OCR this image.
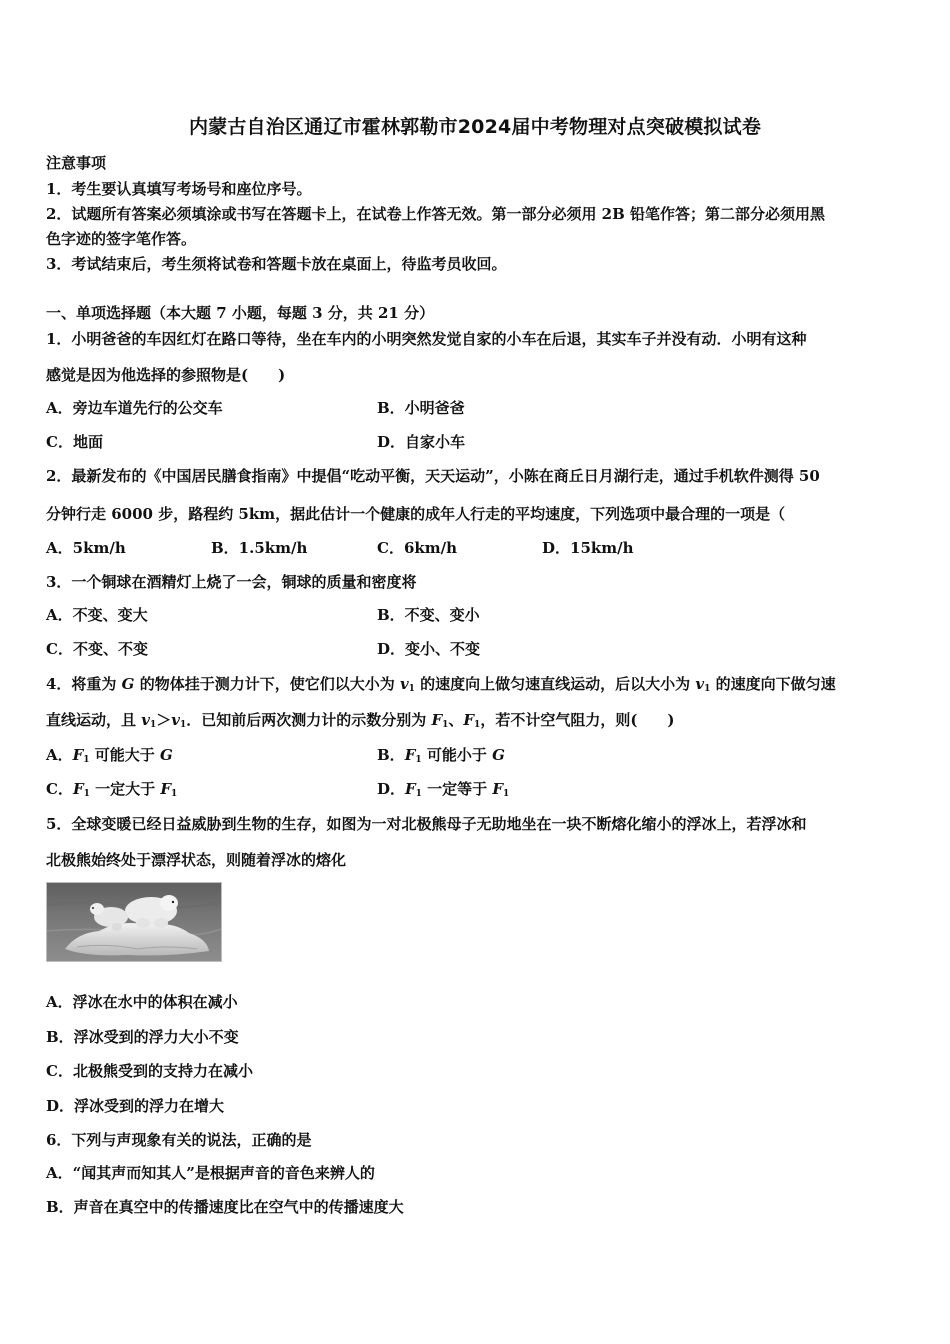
内蒙古自治区通辽市霍林郭勒市2024届中考物理对点突破模拟试卷
注意事项
1．考生要认真填写考场号和座位序号。
2．试题所有答案必须填涂或书写在答题卡上，在试卷上作答无效。第一部分必须用 2B 铅笔作答；第二部分必须用黑
色字迹的签字笔作答。
3．考试结束后，考生须将试卷和答题卡放在桌面上，待监考员收回。
一、单项选择题（本大题 7 小题，每题 3 分，共 21 分）
1．小明爸爸的车因红灯在路口等待，坐在车内的小明突然发觉自家的小车在后退，其实车子并没有动．小明有这种
感觉是因为他选择的参照物是(　　)
A．旁边车道先行的公交车	B．小明爸爸
C．地面	D．自家小车
2．最新发布的《中国居民膳食指南》中提倡“吃动平衡，天天运动”，小陈在商丘日月湖行走，通过手机软件测得 50
分钟行走 6000 步，路程约 5km，据此估计一个健康的成年人行走的平均速度，下列选项中最合理的一项是（
A．5km/h	B．1.5km/h	C．6km/h	D．15km/h
3．一个铜球在酒精灯上烧了一会，铜球的质量和密度将
A．不变、变大	B．不变、变小
C．不变、不变	D．变小、不变
4．将重为 G 的物体挂于测力计下，使它们以大小为 $v_1$ 的速度向上做匀速直线运动，后以大小为 $v_1$ 的速度向下做匀速
直线运动，且 $v_1>v_1$．已知前后两次测力计的示数分别为 $F_1$、$F_1$，若不计空气阻力，则(　　)
A．$F_1$ 可能大于 G	B．$F_1$ 可能小于 G
C．$F_1$ 一定大于 $F_1$	D．$F_1$ 一定等于 $F_1$
5．全球变暖已经日益威胁到生物的生存，如图为一对北极熊母子无助地坐在一块不断熔化缩小的浮冰上，若浮冰和
北极熊始终处于漂浮状态，则随着浮冰的熔化
A．浮冰在水中的体积在减小
B．浮冰受到的浮力大小不变
C．北极熊受到的支持力在减小
D．浮冰受到的浮力在增大
6．下列与声现象有关的说法，正确的是
A．“闻其声而知其人”是根据声音的音色来辨人的
B．声音在真空中的传播速度比在空气中的传播速度大
